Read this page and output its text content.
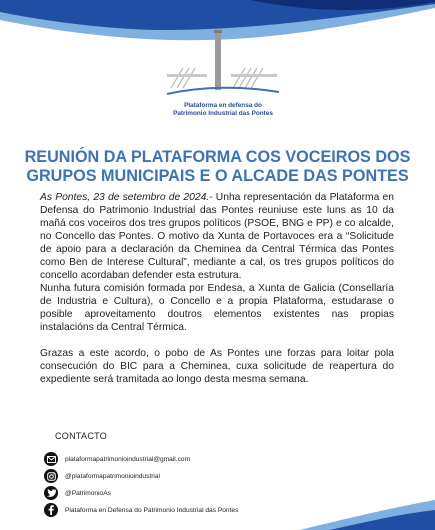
Plataforma en defensa do
Patrimonio Industrial das Pontes
REUNIÓN DA PLATAFORMA COS VOCEIROS DOS GRUPOS MUNICIPAIS E O ALCADE DAS PONTES

As Pontes, 23 de setembro de 2024.- Unha representación da Plataforma en Defensa do Patrimonio Industrial das Pontes reuniuse este luns as 10 da mañá cos voceiros dos tres grupos políticos (PSOE, BNG e PP) e co alcalde, no Concello das Pontes. O motivo da Xunta de Portavoces era a “Solicitude de apoio para a declaración da Cheminea da Central Térmica das Pontes como Ben de Interese Cultural”, mediante a cal, os tres grupos políticos do concello acordaban defender esta estrutura.

Nunha futura comisión formada por Endesa, a Xunta de Galicia (Consellaría de Industria e Cultura), o Concello e a propia Plataforma, estudarase o posible aproveitamento doutros elementos existentes nas propias instalacións da Central Térmica.

Grazas a este acordo, o pobo de As Pontes une forzas para loitar pola consecución do BIC para a Cheminea, cuxa solicitude de reapertura do expediente será tramitada ao longo desta mesma semana.

CONTACTO
plataformapatrimonioindustrial@gmail.com
@plataformapatrimonioindustrial
@PatrimonioAs
Plataforma en Defensa do Patrimonio Industrial das Pontes
